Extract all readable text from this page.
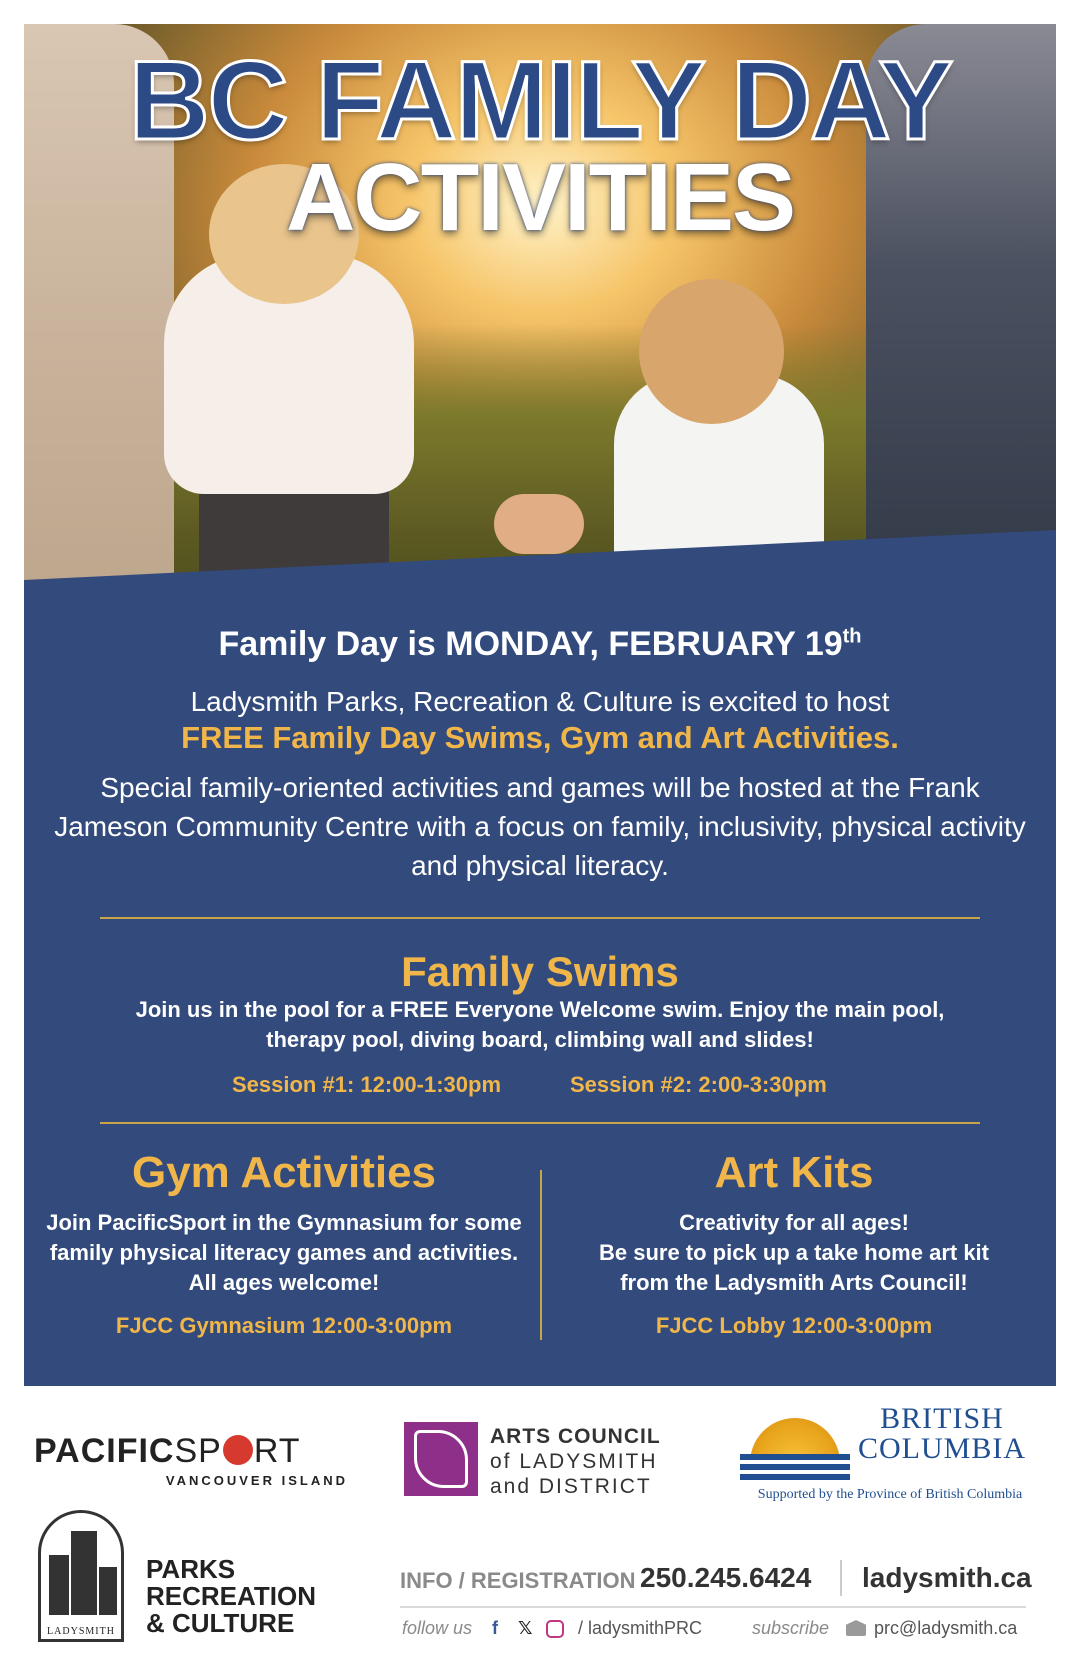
BC FAMILY DAY
ACTIVITIES
Family Day is MONDAY, FEBRUARY 19th
Ladysmith Parks, Recreation & Culture is excited to host
FREE Family Day Swims, Gym and Art Activities.
Special family-oriented activities and games will be hosted at the Frank Jameson Community Centre with a focus on family, inclusivity, physical activity and physical literacy.
Family Swims
Join us in the pool for a FREE Everyone Welcome swim. Enjoy the main pool,
therapy pool, diving board, climbing wall and slides!
Session #1: 12:00-1:30pm	Session #2: 2:00-3:30pm
Gym Activities
Join PacificSport in the Gymnasium for some
family physical literacy games and activities.
All ages welcome!
FJCC Gymnasium 12:00-3:00pm
Art Kits
Creativity for all ages!
Be sure to pick up a take home art kit
from the Ladysmith Arts Council!
FJCC Lobby 12:00-3:00pm
PACIFICSP RT
VANCOUVER ISLAND
ARTS COUNCIL
of LADYSMITH
and DISTRICT
BRITISH
COLUMBIA
Supported by the Province of British Columbia
LADYSMITH
PARKS
RECREATION
& CULTURE
INFO / REGISTRATION 250.245.6424 ladysmith.ca
follow us f 𝕏	/ ladysmithPRC	subscribe prc@ladysmith.ca
